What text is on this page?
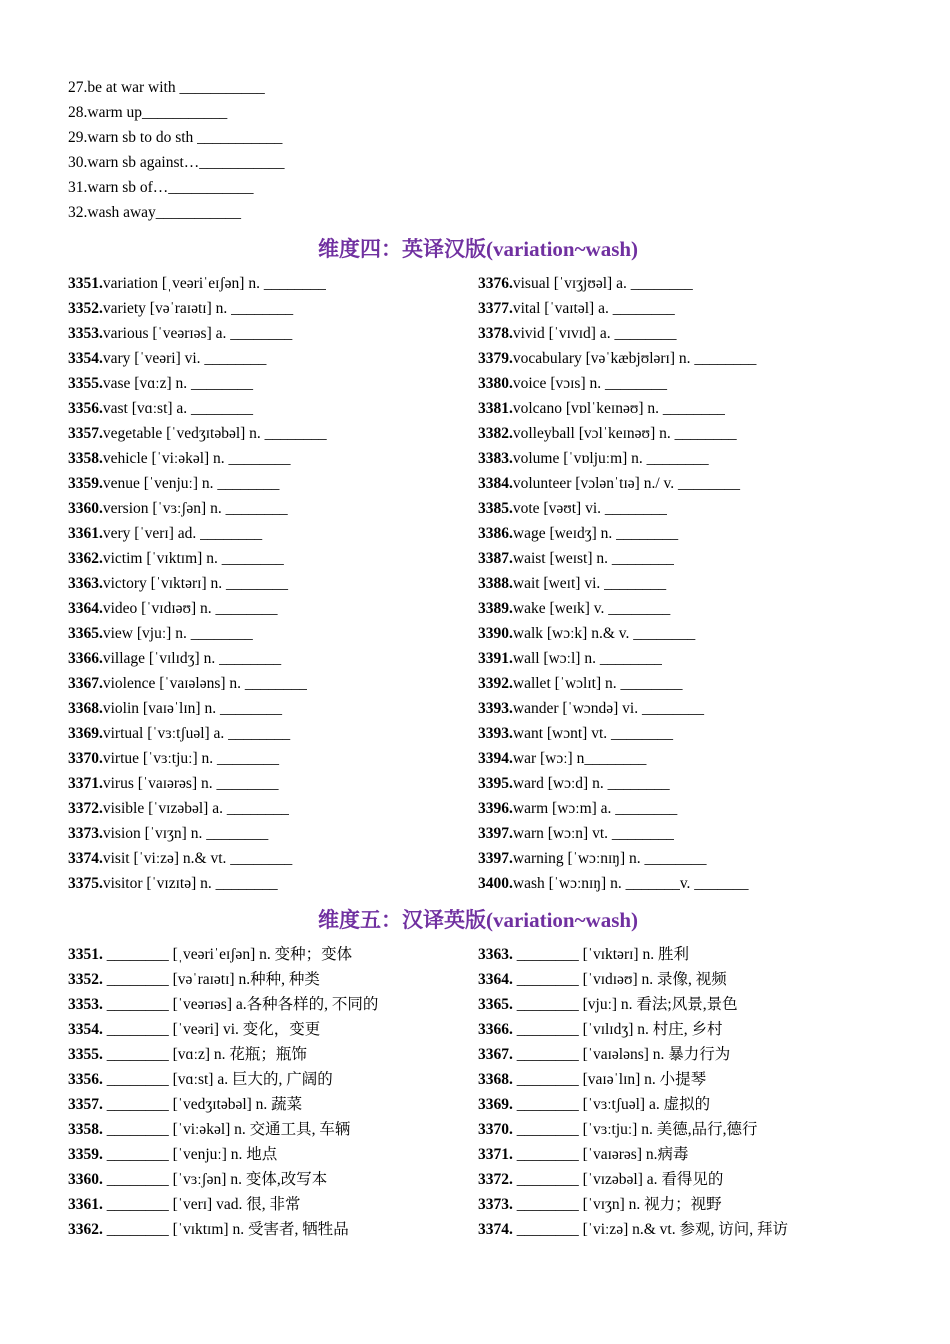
27.be at war with ___________
28.warm up___________
29.warn sb to do sth ___________
30.warn sb against…___________
31.warn sb of…___________
32.wash away___________
维度四：英译汉版(variation~wash)
3351.variation [ˌveəriˈeɪʃən] n. ________
3352.variety [vəˈraɪətɪ] n. ________
3353.various [ˈveərɪəs] a. ________
3354.vary [ˈveəri] vi. ________
3355.vase [vɑːz] n. ________
3356.vast [vɑːst] a. ________
3357.vegetable [ˈvedʒɪtəbəl] n. ________
3358.vehicle [ˈviːəkəl] n. ________
3359.venue [ˈvenjuː] n. ________
3360.version [ˈvɜːʃən] n. ________
3361.very [ˈverɪ] ad. ________
3362.victim [ˈvɪktɪm] n. ________
3363.victory [ˈvɪktərɪ] n. ________
3364.video [ˈvɪdɪəʊ] n. ________
3365.view [vjuː] n. ________
3366.village [ˈvɪlɪdʒ] n. ________
3367.violence [ˈvaɪələns] n. ________
3368.violin [vaɪəˈlɪn] n. ________
3369.virtual [ˈvɜːtʃuəl] a. ________
3370.virtue [ˈvɜːtjuː] n. ________
3371.virus [ˈvaɪərəs] n. ________
3372.visible [ˈvɪzəbəl] a. ________
3373.vision [ˈvɪʒn] n. ________
3374.visit [ˈviːzə] n.& vt. ________
3375.visitor [ˈvɪzɪtə] n. ________
3376.visual [ˈvɪʒjʊəl] a. ________
3377.vital [ˈvaɪtəl] a. ________
3378.vivid [ˈvɪvɪd] a. ________
3379.vocabulary [vəˈkæbjʊlərɪ] n. ________
3380.voice [vɔɪs] n. ________
3381.volcano [vɒlˈkeɪnəʊ] n. ________
3382.volleyball [vɔlˈkeɪnəʊ] n. ________
3383.volume [ˈvɒljuːm] n. ________
3384.volunteer [vɔlənˈtɪə] n./ v. ________
3385.vote [vəʊt] vi. ________
3386.wage [weɪdʒ] n. ________
3387.waist [weɪst] n. ________
3388.wait [weɪt] vi. ________
3389.wake [weɪk] v. ________
3390.walk [wɔːk] n.& v. ________
3391.wall [wɔːl] n. ________
3392.wallet [ˈwɔlɪt] n. ________
3393.wander [ˈwɔndə] vi. ________
3393.want [wɔnt] vt. ________
3394.war [wɔː] n________
3395.ward [wɔːd] n. ________
3396.warm [wɔːm] a. ________
3397.warn [wɔːn] vt. ________
3397.warning [ˈwɔːnɪŋ] n. ________
3400.wash [ˈwɔːnɪŋ] n. _______v. _______
维度五：汉译英版(variation~wash)
3351. ________ [ˌveəriˈeɪʃən] n. 变种；变体
3352. ________ [vəˈraɪətɪ] n.种种, 种类
3353. ________ [ˈveərɪəs] a.各种各样的, 不同的
3354. ________ [ˈveəri] vi. 变化，变更
3355. ________ [vɑːz] n. 花瓶；瓶饰
3356. ________ [vɑːst] a. 巨大的, 广阔的
3357. ________ [ˈvedʒɪtəbəl] n. 蔬菜
3358. ________ [ˈviːəkəl] n. 交通工具, 车辆
3359. ________ [ˈvenjuː] n. 地点
3360. ________ [ˈvɜːʃən] n. 变体,改写本
3361. ________ [ˈverɪ] vad. 很, 非常
3362. ________ [ˈvɪktɪm] n. 受害者, 牺牲品
3363. ________ [ˈvɪktərɪ] n. 胜利
3364. ________ [ˈvɪdɪəʊ] n. 录像, 视频
3365. ________ [vjuː] n. 看法;风景,景色
3366. ________ [ˈvɪlɪdʒ] n. 村庄, 乡村
3367. ________ [ˈvaɪələns] n. 暴力行为
3368. ________ [vaɪəˈlɪn] n. 小提琴
3369. ________ [ˈvɜːtʃuəl] a. 虚拟的
3370. ________ [ˈvɜːtjuː] n. 美德,品行,德行
3371. ________ [ˈvaɪərəs] n.病毒
3372. ________ [ˈvɪzəbəl] a. 看得见的
3373. ________ [ˈvɪʒn] n. 视力；视野
3374. ________ [ˈviːzə] n.& vt. 参观, 访问, 拜访
